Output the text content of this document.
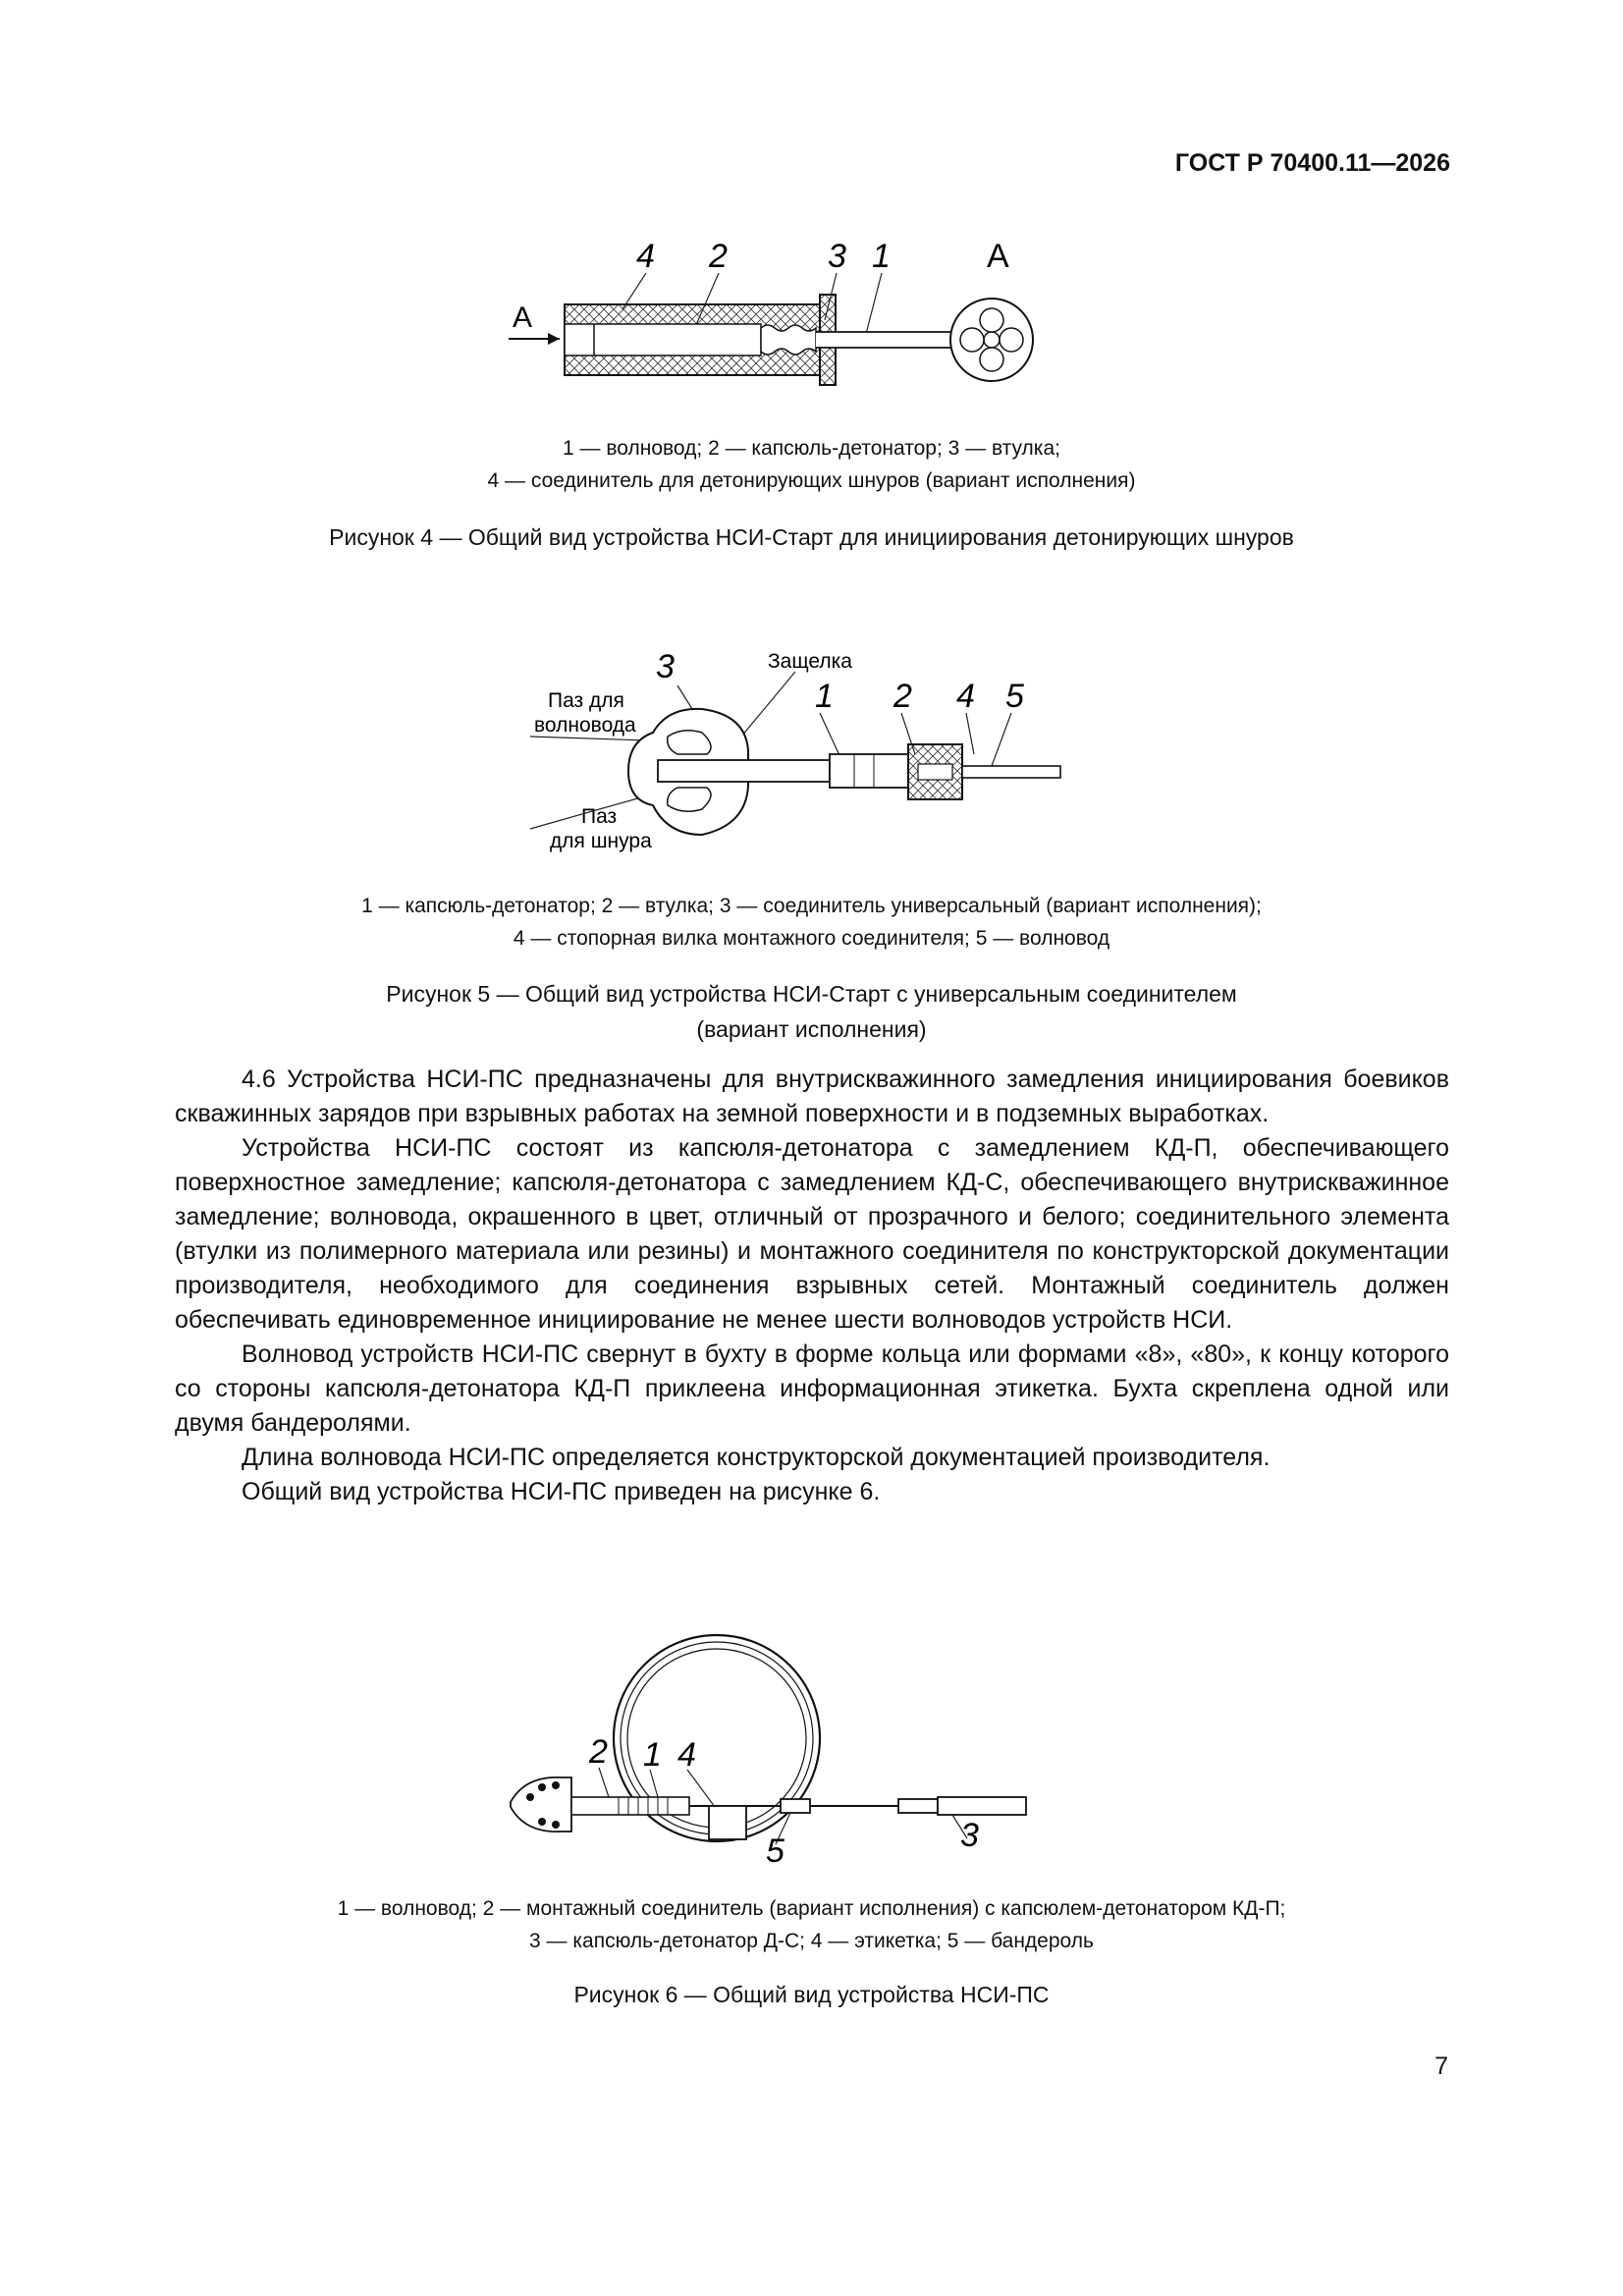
ГОСТ Р 70400.11—2026
4 2	3 1	А
А
1 — волновод; 2 — капсюль-детонатор; 3 — втулка;
4 — соединитель для детонирующих шнуров (вариант исполнения)
Рисунок 4 — Общий вид устройства НСИ-Старт для инициирования детонирующих шнуров
3	Защелка
1 2 4 5
Паз для
волновода
Паз
для шнура
1 — капсюль-детонатор; 2 — втулка; 3 — соединитель универсальный (вариант исполнения);
4 — стопорная вилка монтажного соединителя; 5 — волновод
Рисунок 5 — Общий вид устройства НСИ-Старт с универсальным соединителем
(вариант исполнения)

4.6 Устройства НСИ-ПС предназначены для внутрискважинного замедления инициирования боевиков скважинных зарядов при взрывных работах на земной поверхности и в подземных выработках.

Устройства НСИ-ПС состоят из капсюля-детонатора с замедлением КД-П, обеспечивающего поверхностное замедление; капсюля-детонатора с замедлением КД-С, обеспечивающего внутрискважинное замедление; волновода, окрашенного в цвет, отличный от прозрачного и белого; соединительного элемента (втулки из полимерного материала или резины) и монтажного соединителя по конструкторской документации производителя, необходимого для соединения взрывных сетей. Монтажный соединитель должен обеспечивать единовременное инициирование не менее шести волноводов устройств НСИ.

Волновод устройств НСИ-ПС свернут в бухту в форме кольца или формами «8», «80», к концу которого со стороны капсюля-детонатора КД-П приклеена информационная этикетка. Бухта скреплена одной или двумя бандеролями.

Длина волновода НСИ-ПС определяется конструкторской документацией производителя.

Общий вид устройства НСИ-ПС приведен на рисунке 6.

2 1 4
5	3
1 — волновод; 2 — монтажный соединитель (вариант исполнения) с капсюлем-детонатором КД-П;
3 — капсюль-детонатор Д-С; 4 — этикетка; 5 — бандероль
Рисунок 6 — Общий вид устройства НСИ-ПС
7
